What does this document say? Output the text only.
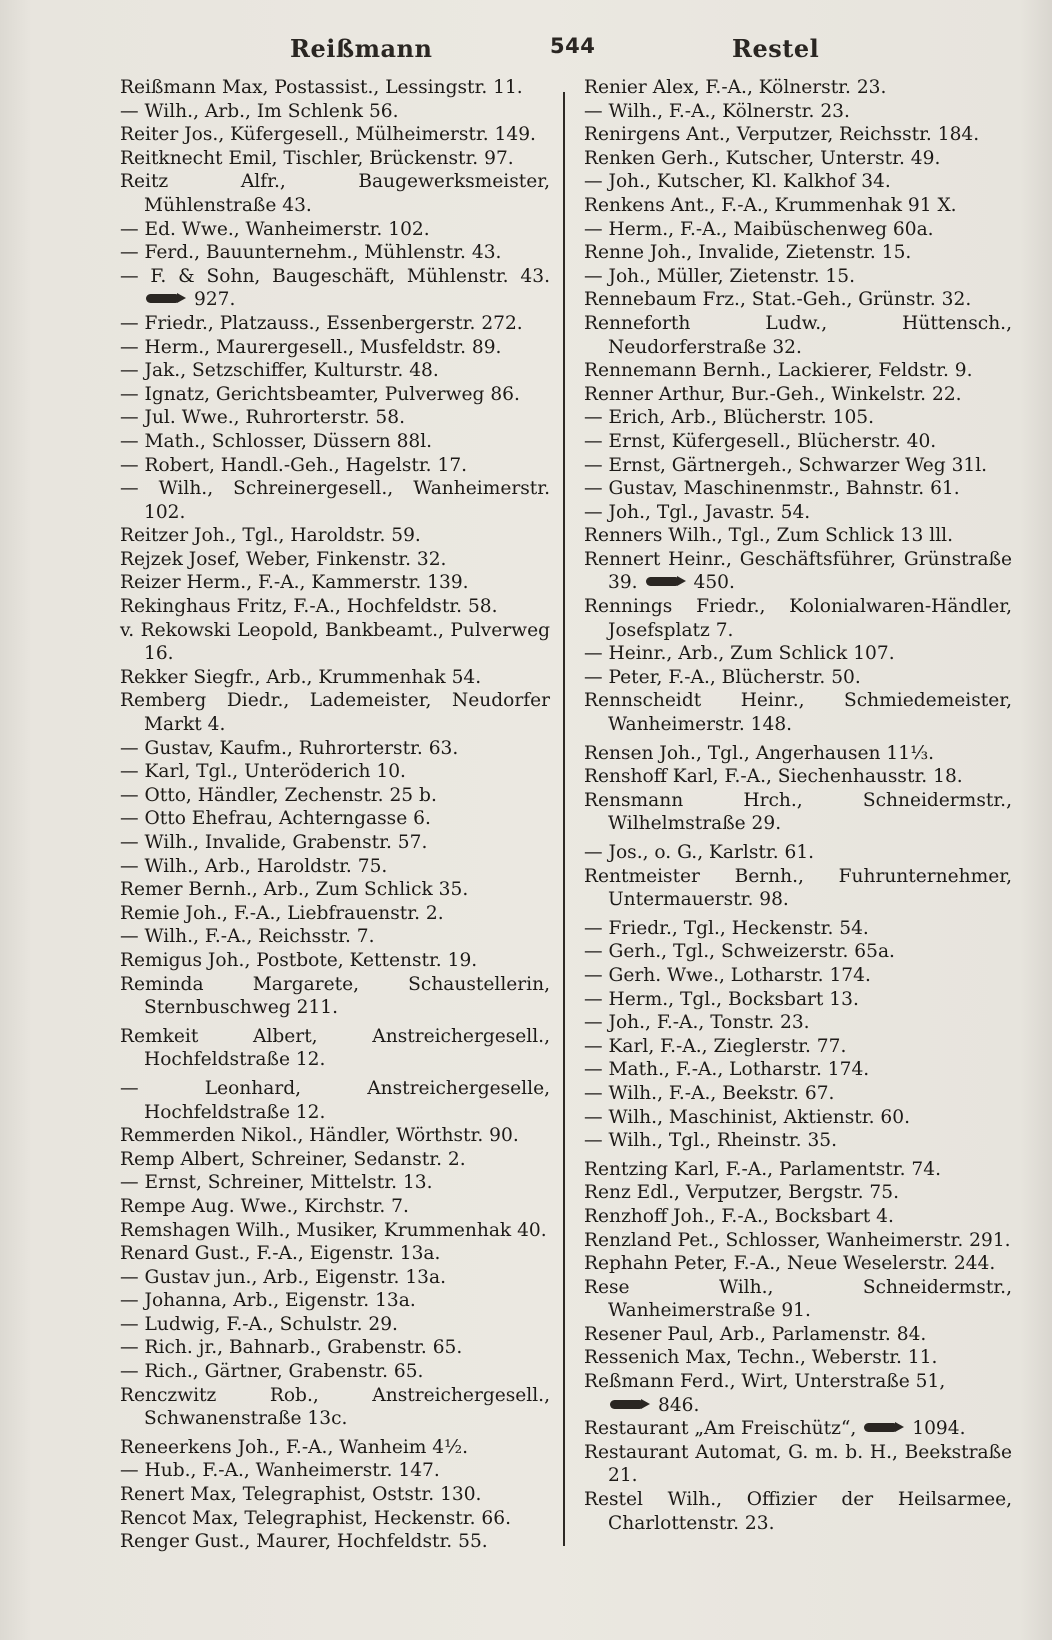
Reißmann	544	Restel

Reißmann Max, Postassist., Lessingstr. 11.

— Wilh., Arb., Im Schlenk 56.

Reiter Jos., Küfergesell., Mülheimerstr. 149.

Reitknecht Emil, Tischler, Brückenstr. 97.

Reitz Alfr., Baugewerksmeister, Mühlenstraße 43.

— Ed. Wwe., Wanheimerstr. 102.

— Ferd., Bauunternehm., Mühlenstr. 43.

— F. & Sohn, Baugeschäft, Mühlenstr. 43. 927.

— Friedr., Platzauss., Essenbergerstr. 272.

— Herm., Maurergesell., Musfeldstr. 89.

— Jak., Setzschiffer, Kulturstr. 48.

— Ignatz, Gerichtsbeamter, Pulverweg 86.

— Jul. Wwe., Ruhrorterstr. 58.

— Math., Schlosser, Düssern 88l.

— Robert, Handl.-Geh., Hagelstr. 17.

— Wilh., Schreinergesell., Wanheimerstr. 102.

Reitzer Joh., Tgl., Haroldstr. 59.

Rejzek Josef, Weber, Finkenstr. 32.

Reizer Herm., F.-A., Kammerstr. 139.

Rekinghaus Fritz, F.-A., Hochfeldstr. 58.

v. Rekowski Leopold, Bankbeamt., Pulverweg 16.

Rekker Siegfr., Arb., Krummenhak 54.

Remberg Diedr., Lademeister, Neudorfer Markt 4.

— Gustav, Kaufm., Ruhrorterstr. 63.

— Karl, Tgl., Unteröderich 10.

— Otto, Händler, Zechenstr. 25 b.

— Otto Ehefrau, Achterngasse 6.

— Wilh., Invalide, Grabenstr. 57.

— Wilh., Arb., Haroldstr. 75.

Remer Bernh., Arb., Zum Schlick 35.

Remie Joh., F.-A., Liebfrauenstr. 2.

— Wilh., F.-A., Reichsstr. 7.

Remigus Joh., Postbote, Kettenstr. 19.

Reminda Margarete, Schaustellerin, Sternbuschweg 211.

Remkeit Albert, Anstreichergesell., Hochfeldstraße 12.

— Leonhard, Anstreichergeselle, Hochfeldstraße 12.

Remmerden Nikol., Händler, Wörthstr. 90.

Remp Albert, Schreiner, Sedanstr. 2.

— Ernst, Schreiner, Mittelstr. 13.

Rempe Aug. Wwe., Kirchstr. 7.

Remshagen Wilh., Musiker, Krummenhak 40.

Renard Gust., F.-A., Eigenstr. 13a.

— Gustav jun., Arb., Eigenstr. 13a.

— Johanna, Arb., Eigenstr. 13a.

— Ludwig, F.-A., Schulstr. 29.

— Rich. jr., Bahnarb., Grabenstr. 65.

— Rich., Gärtner, Grabenstr. 65.

Renczwitz Rob., Anstreichergesell., Schwanenstraße 13c.

Reneerkens Joh., F.-A., Wanheim 4½.

— Hub., F.-A., Wanheimerstr. 147.

Renert Max, Telegraphist, Oststr. 130.

Rencot Max, Telegraphist, Heckenstr. 66.

Renger Gust., Maurer, Hochfeldstr. 55.

Renier Alex, F.-A., Kölnerstr. 23.

— Wilh., F.-A., Kölnerstr. 23.

Renirgens Ant., Verputzer, Reichsstr. 184.

Renken Gerh., Kutscher, Unterstr. 49.

— Joh., Kutscher, Kl. Kalkhof 34.

Renkens Ant., F.-A., Krummenhak 91 X.

— Herm., F.-A., Maibüschenweg 60a.

Renne Joh., Invalide, Zietenstr. 15.

— Joh., Müller, Zietenstr. 15.

Rennebaum Frz., Stat.-Geh., Grünstr. 32.

Renneforth Ludw., Hüttensch., Neudorferstraße 32.

Rennemann Bernh., Lackierer, Feldstr. 9.

Renner Arthur, Bur.-Geh., Winkelstr. 22.

— Erich, Arb., Blücherstr. 105.

— Ernst, Küfergesell., Blücherstr. 40.

— Ernst, Gärtnergeh., Schwarzer Weg 31l.

— Gustav, Maschinenmstr., Bahnstr. 61.

— Joh., Tgl., Javastr. 54.

Renners Wilh., Tgl., Zum Schlick 13 lll.

Rennert Heinr., Geschäftsführer, Grünstraße 39.	450.

Rennings Friedr., Kolonialwaren-Händler, Josefsplatz 7.

— Heinr., Arb., Zum Schlick 107.

— Peter, F.-A., Blücherstr. 50.

Rennscheidt Heinr., Schmiedemeister, Wanheimerstr. 148.

Rensen Joh., Tgl., Angerhausen 11⅓.

Renshoff Karl, F.-A., Siechenhausstr. 18.

Rensmann Hrch., Schneidermstr., Wilhelmstraße 29.

— Jos., o. G., Karlstr. 61.

Rentmeister Bernh., Fuhrunternehmer, Untermauerstr. 98.

— Friedr., Tgl., Heckenstr. 54.

— Gerh., Tgl., Schweizerstr. 65a.

— Gerh. Wwe., Lotharstr. 174.

— Herm., Tgl., Bocksbart 13.

— Joh., F.-A., Tonstr. 23.

— Karl, F.-A., Zieglerstr. 77.

— Math., F.-A., Lotharstr. 174.

— Wilh., F.-A., Beekstr. 67.

— Wilh., Maschinist, Aktienstr. 60.

— Wilh., Tgl., Rheinstr. 35.

Rentzing Karl, F.-A., Parlamentstr. 74.

Renz Edl., Verputzer, Bergstr. 75.

Renzhoff Joh., F.-A., Bocksbart 4.

Renzland Pet., Schlosser, Wanheimerstr. 291.

Rephahn Peter, F.-A., Neue Weselerstr. 244.

Rese Wilh., Schneidermstr., Wanheimerstraße 91.

Resener Paul, Arb., Parlamenstr. 84.

Ressenich Max, Techn., Weberstr. 11.

Reßmann Ferd., Wirt, Unterstraße 51,
846.

Restaurant „Am Freischütz“,	1094.

Restaurant Automat, G. m. b. H., Beekstraße 21.

Restel Wilh., Offizier der Heilsarmee, Charlottenstr. 23.
